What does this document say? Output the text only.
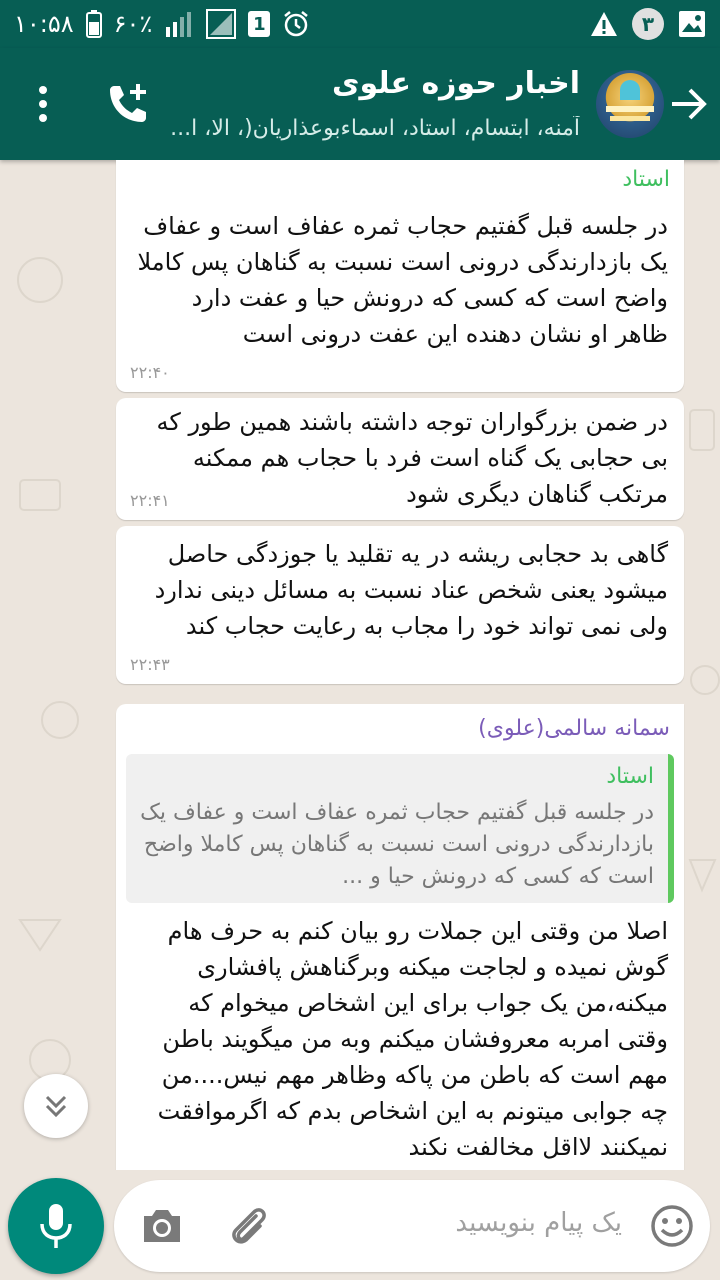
۱۰:۵۸ ۶۰٪	1	۳
اخبار حوزه علوی
آمنه، ابتسام، استاد، اسماءبوعذاریان(، الا، ا...
استاد
در جلسه قبل گفتیم حجاب ثمره عفاف است و عفاف یک بازدارندگی درونی است نسبت به گناهان پس کاملا واضح است که کسی که درونش حیا و عفت دارد ظاهر او نشان دهنده این عفت درونی است
۲۲:۴۰
در ضمن بزرگواران توجه داشته باشند همین طور که بی حجابی یک گناه است فرد با حجاب هم ممکنه مرتکب گناهان دیگری شود
۲۲:۴۱
گاهی بد حجابی ریشه در یه تقلید یا جوزدگی حاصل میشود یعنی شخص عناد نسبت به مسائل دینی ندارد ولی نمی تواند خود را مجاب به رعایت حجاب کند
۲۲:۴۳
سمانه سالمی(علوی)
استاد
در جلسه قبل گفتیم حجاب ثمره عفاف است و عفاف یک بازدارندگی درونی است نسبت به گناهان پس کاملا واضح است که کسی که درونش حیا و ...
اصلا من وقتی این جملات رو بیان کنم به حرف هام گوش نمیده و لجاجت میکنه وبرگناهش پافشاری میکنه،من یک جواب برای این اشخاص میخوام که وقتی امربه معروفشان میکنم وبه من میگویند باطن مهم است که باطن من پاکه وظاهر مهم نیس....من چه جوابی میتونم به این اشخاص بدم که اگرموافقت نمیکنند لااقل مخالفت نکند
یک پیام بنویسید
